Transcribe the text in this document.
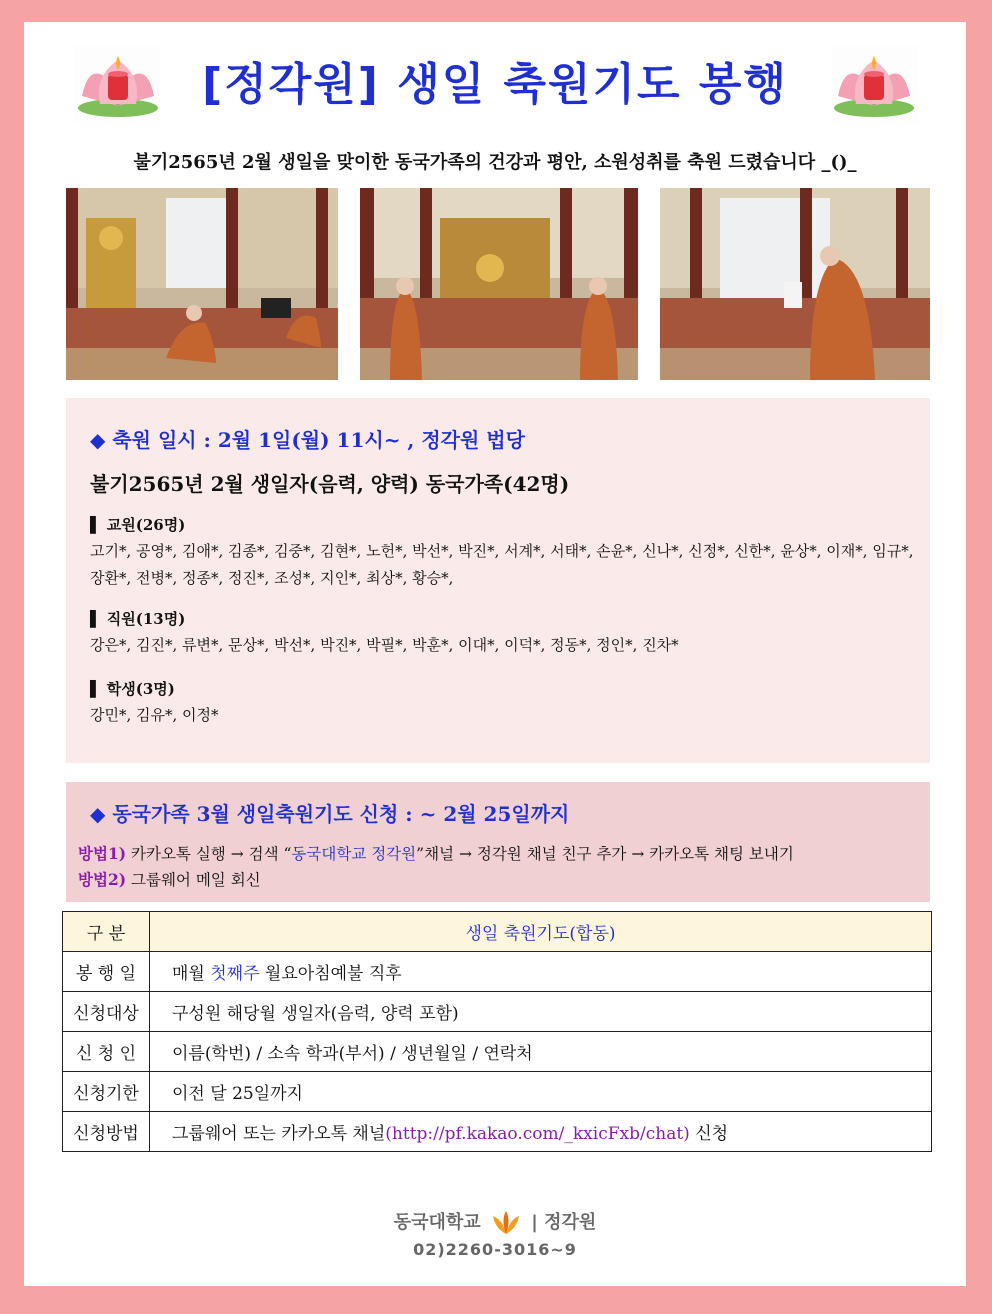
[정각원] 생일 축원기도 봉행
불기2565년 2월 생일을 맞이한 동국가족의 건강과 평안, 소원성취를 축원 드렸습니다 _()_
◆ 축원 일시 : 2월 1일(월) 11시~ , 정각원 법당
불기2565년 2월 생일자(음력, 양력) 동국가족(42명)
▌ 교원(26명)
고기*, 공영*, 김애*, 김종*, 김중*, 김현*, 노헌*, 박선*, 박진*, 서계*, 서태*, 손윤*, 신나*, 신정*, 신한*, 윤상*, 이재*, 임규*, 장환*, 전병*, 정종*, 정진*, 조성*, 지인*, 최상*, 황승*,
▌ 직원(13명)
강은*, 김진*, 류변*, 문상*, 박선*, 박진*, 박필*, 박훈*, 이대*, 이덕*, 정동*, 정인*, 진차*
▌ 학생(3명)
강민*, 김유*, 이정*
◆ 동국가족 3월 생일축원기도 신청 : ~ 2월 25일까지
방법1) 카카오톡 실행 → 검색 “동국대학교 정각원”채널 → 정각원 채널 친구 추가 → 카카오톡 채팅 보내기
방법2) 그룹웨어 메일 회신
구 분	생일 축원기도(합동)
봉 행 일	매월 첫째주 월요아침예불 직후
신청대상	구성원 해당월 생일자(음력, 양력 포함)
신 청 인	이름(학번) / 소속 학과(부서) / 생년월일 / 연락처
신청기한	이전 달 25일까지
신청방법	그룹웨어 또는 카카오톡 채널(http://pf.kakao.com/_kxicFxb/chat) 신청
동국대학교	| 정각원
02)2260-3016~9
